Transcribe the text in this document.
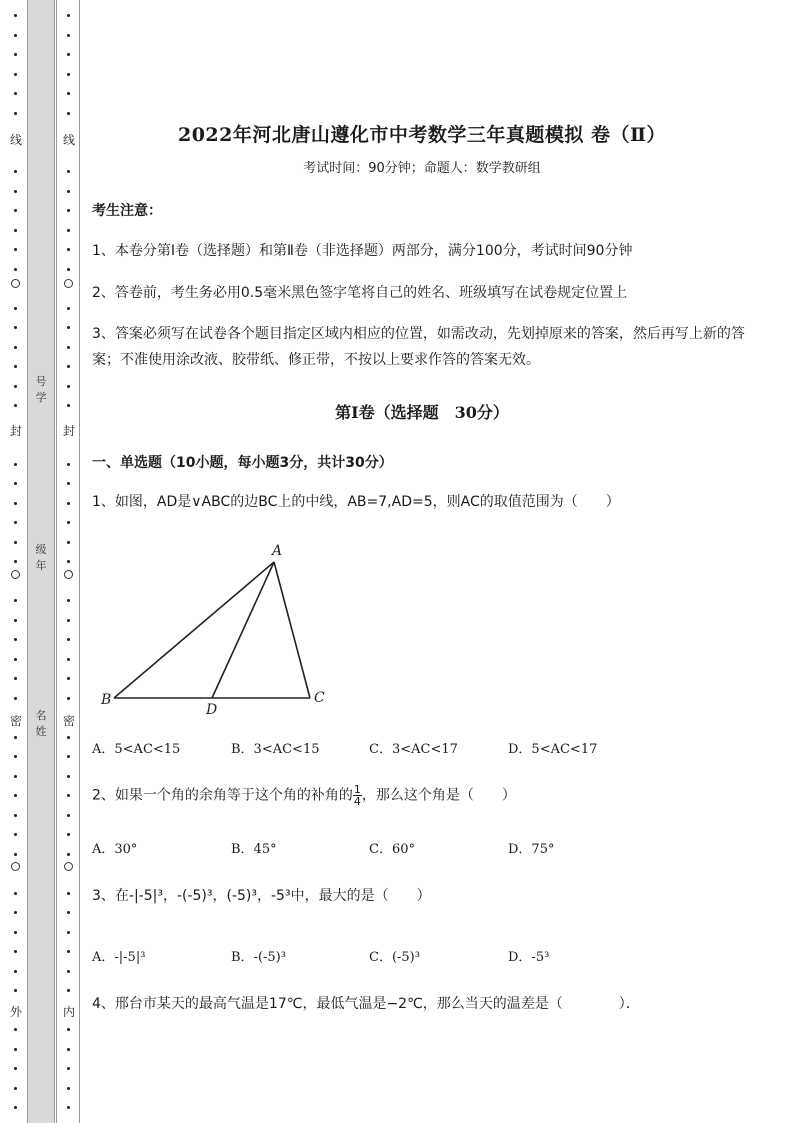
号
学
级
年
名
姓
线
封
密
外
线
封
密
内
2022年河北唐山遵化市中考数学三年真题模拟 卷（Ⅱ）
考试时间：90分钟；命题人：数学教研组
考生注意：
1、本卷分第I卷（选择题）和第Ⅱ卷（非选择题）两部分，满分100分，考试时间90分钟
2、答卷前，考生务必用0.5毫米黑色签字笔将自己的姓名、班级填写在试卷规定位置上
3、答案必须写在试卷各个题目指定区域内相应的位置，如需改动，先划掉原来的答案，然后再写上新的答案；不准使用涂改液、胶带纸、修正带，不按以上要求作答的答案无效。
第Ⅰ卷（选择题　30分）
一、单选题（10小题，每小题3分，共计30分）
1、如图，AD是∨ABC的边BC上的中线，AB=7,AD=5，则AC的取值范围为（　　）
A
B	C
D
A．5<AC<15	B．3<AC<15	C．3<AC<17	D．5<AC<17
2、如果一个角的余角等于这个角的补角的 $\frac{1}{4}$ ，那么这个角是（　　）
A．30°	B．45°	C．60°	D．75°
3、在-|-5|³，-(-5)³，(-5)³，-5³中，最大的是（　　）
A．-|-5|³	B．-(-5)³	C．(-5)³	D．-5³
4、邢台市某天的最高气温是17℃，最低气温是−2℃，那么当天的温差是（　　　　）．
